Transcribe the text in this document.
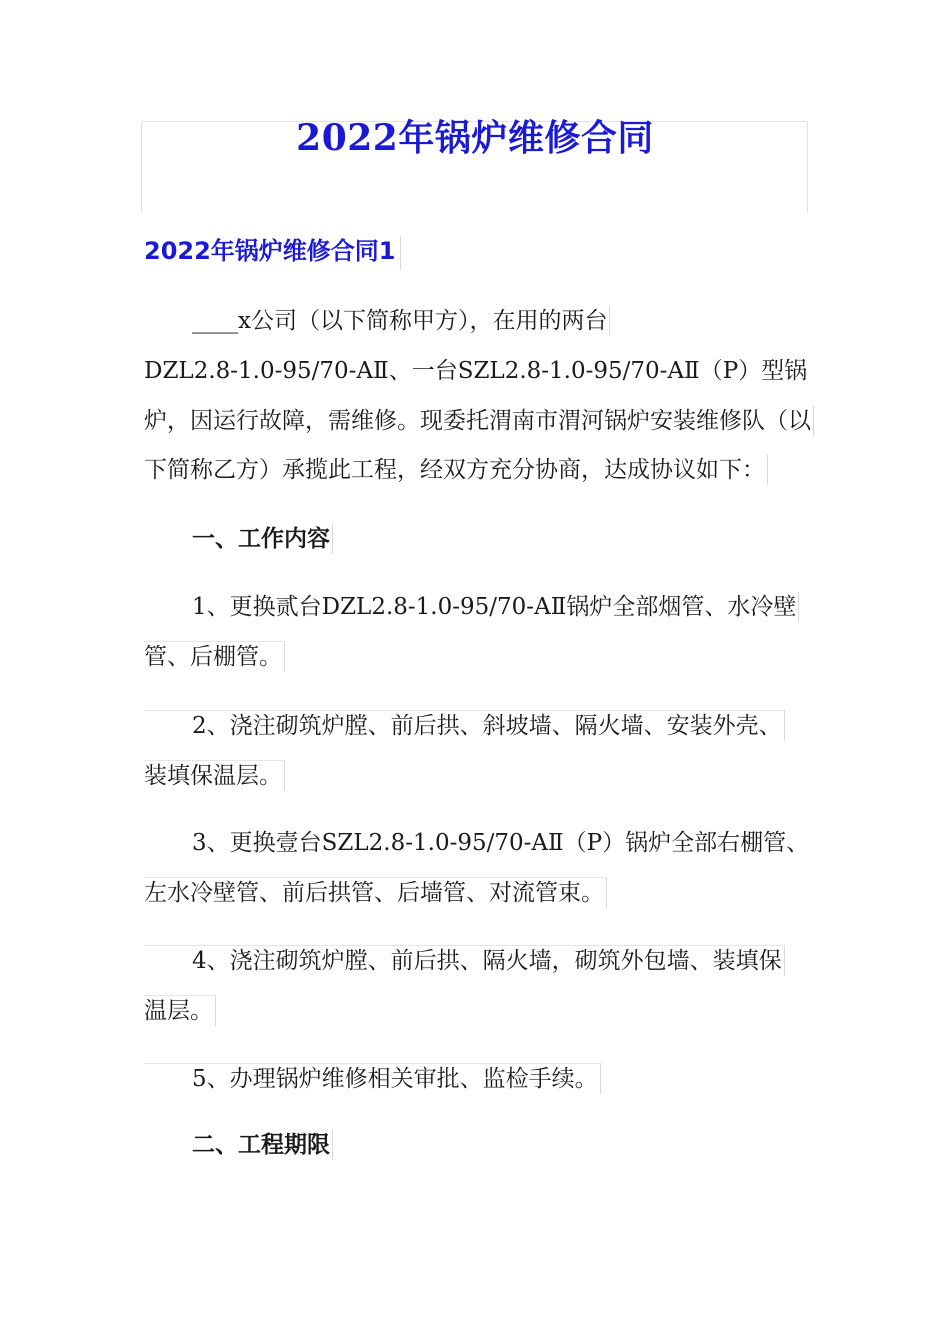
2022年锅炉维修合同
2022年锅炉维修合同1
____x公司（以下简称甲方），在用的两台
DZL2.8-1.0-95/70-AⅡ、一台SZL2.8-1.0-95/70-AⅡ（P）型锅
炉，因运行故障，需维修。现委托渭南市渭河锅炉安装维修队（以
下简称乙方）承揽此工程，经双方充分协商，达成协议如下：
一、工作内容
1、更换贰台DZL2.8-1.0-95/70-AⅡ锅炉全部烟管、水冷壁
管、后棚管。
2、浇注砌筑炉膛、前后拱、斜坡墙、隔火墙、安装外壳、
装填保温层。
3、更换壹台SZL2.8-1.0-95/70-AⅡ（P）锅炉全部右棚管、
左水冷壁管、前后拱管、后墙管、对流管束。
4、浇注砌筑炉膛、前后拱、隔火墙，砌筑外包墙、装填保
温层。
5、办理锅炉维修相关审批、监检手续。
二、工程期限
